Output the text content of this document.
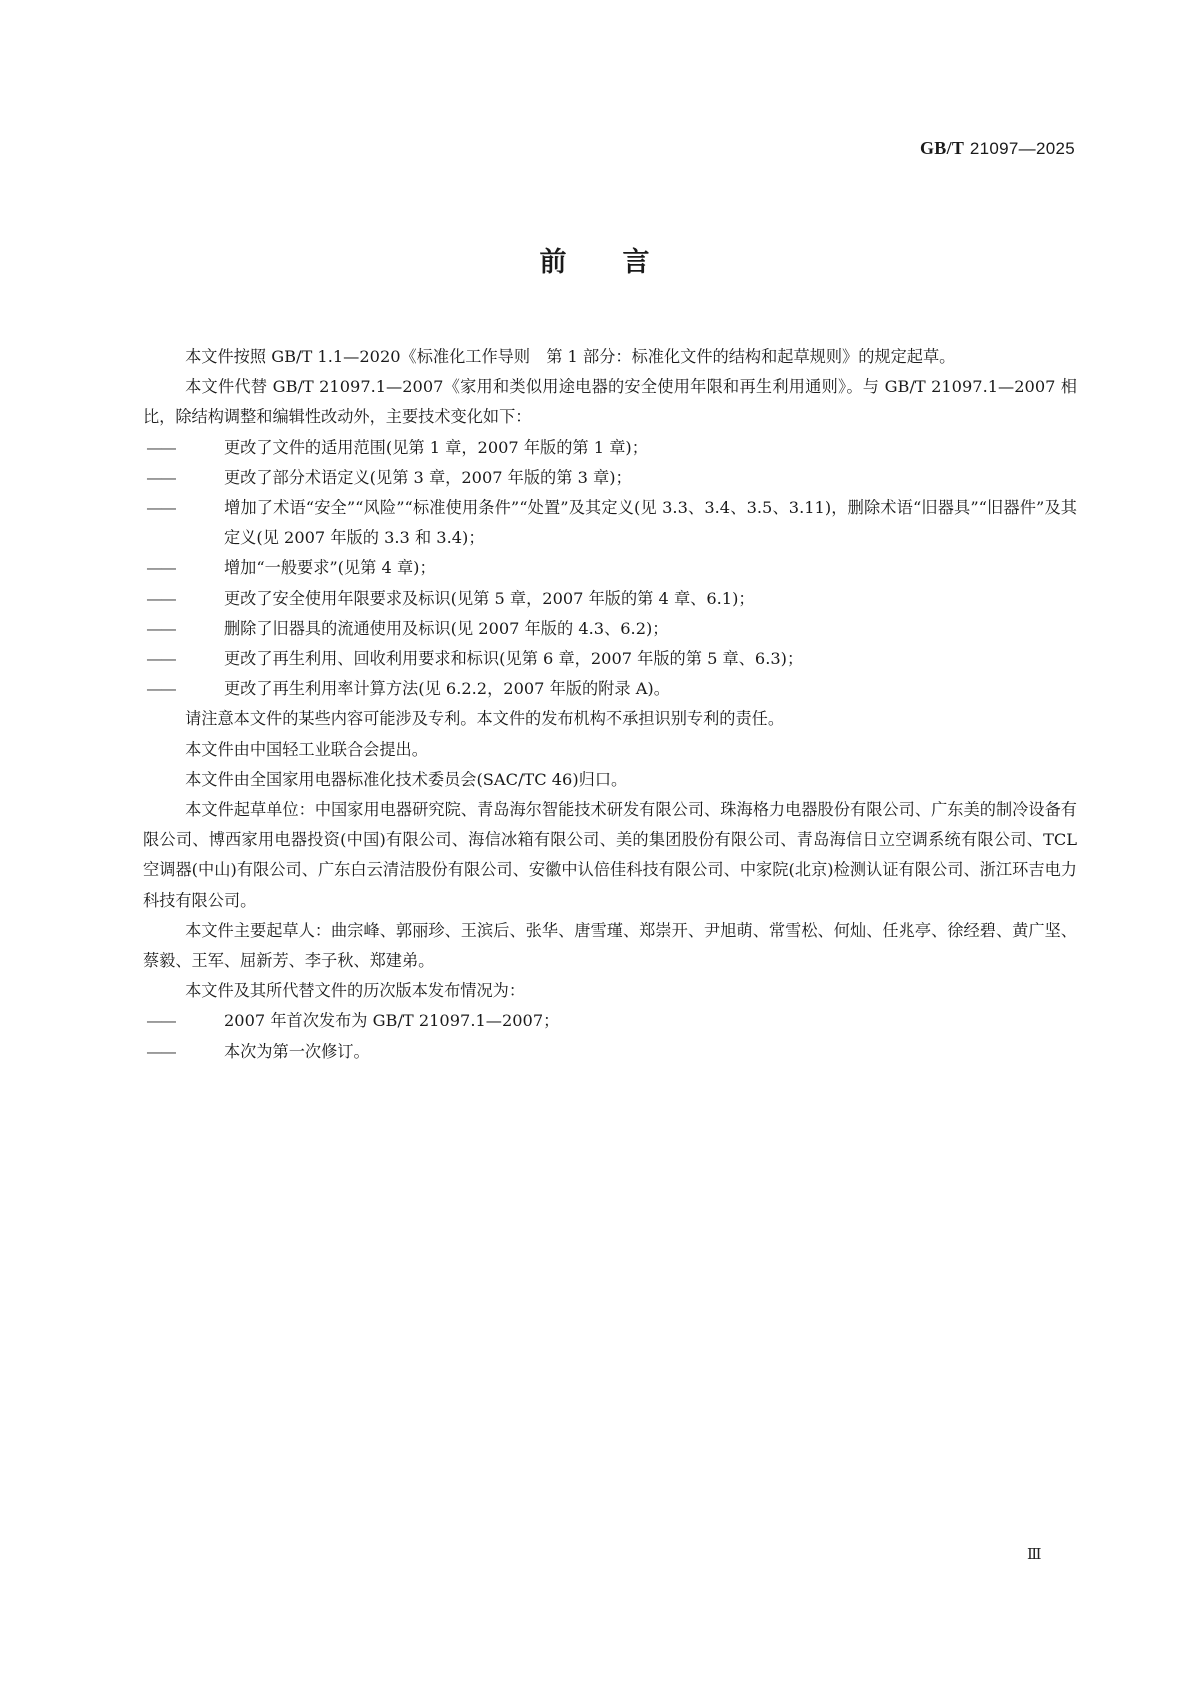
GB/T 21097—2025
前 言

本文件按照 GB/T 1.1—2020《标准化工作导则　第 1 部分：标准化文件的结构和起草规则》的规定起草。

本文件代替 GB/T 21097.1—2007《家用和类似用途电器的安全使用年限和再生利用通则》。与 GB/T 21097.1—2007 相比，除结构调整和编辑性改动外，主要技术变化如下：

——	更改了文件的适用范围(见第 1 章，2007 年版的第 1 章)；

——	更改了部分术语定义(见第 3 章，2007 年版的第 3 章)；

——	增加了术语“安全”“风险”“标准使用条件”“处置”及其定义(见 3.3、3.4、3.5、3.11)，删除术语“旧器具”“旧器件”及其定义(见 2007 年版的 3.3 和 3.4)；

——	增加“一般要求”(见第 4 章)；

——	更改了安全使用年限要求及标识(见第 5 章，2007 年版的第 4 章、6.1)；

——	删除了旧器具的流通使用及标识(见 2007 年版的 4.3、6.2)；

——	更改了再生利用、回收利用要求和标识(见第 6 章，2007 年版的第 5 章、6.3)；

——	更改了再生利用率计算方法(见 6.2.2，2007 年版的附录 A)。

请注意本文件的某些内容可能涉及专利。本文件的发布机构不承担识别专利的责任。

本文件由中国轻工业联合会提出。

本文件由全国家用电器标准化技术委员会(SAC/TC 46)归口。

本文件起草单位：中国家用电器研究院、青岛海尔智能技术研发有限公司、珠海格力电器股份有限公司、广东美的制冷设备有限公司、博西家用电器投资(中国)有限公司、海信冰箱有限公司、美的集团股份有限公司、青岛海信日立空调系统有限公司、TCL 空调器(中山)有限公司、广东白云清洁股份有限公司、安徽中认倍佳科技有限公司、中家院(北京)检测认证有限公司、浙江环吉电力科技有限公司。

本文件主要起草人：曲宗峰、郭丽珍、王滨后、张华、唐雪瑾、郑崇开、尹旭萌、常雪松、何灿、任兆亭、徐经碧、黄广坚、蔡毅、王军、屈新芳、李子秋、郑建弟。

本文件及其所代替文件的历次版本发布情况为：

——	2007 年首次发布为 GB/T 21097.1—2007；

——	本次为第一次修订。

Ⅲ
